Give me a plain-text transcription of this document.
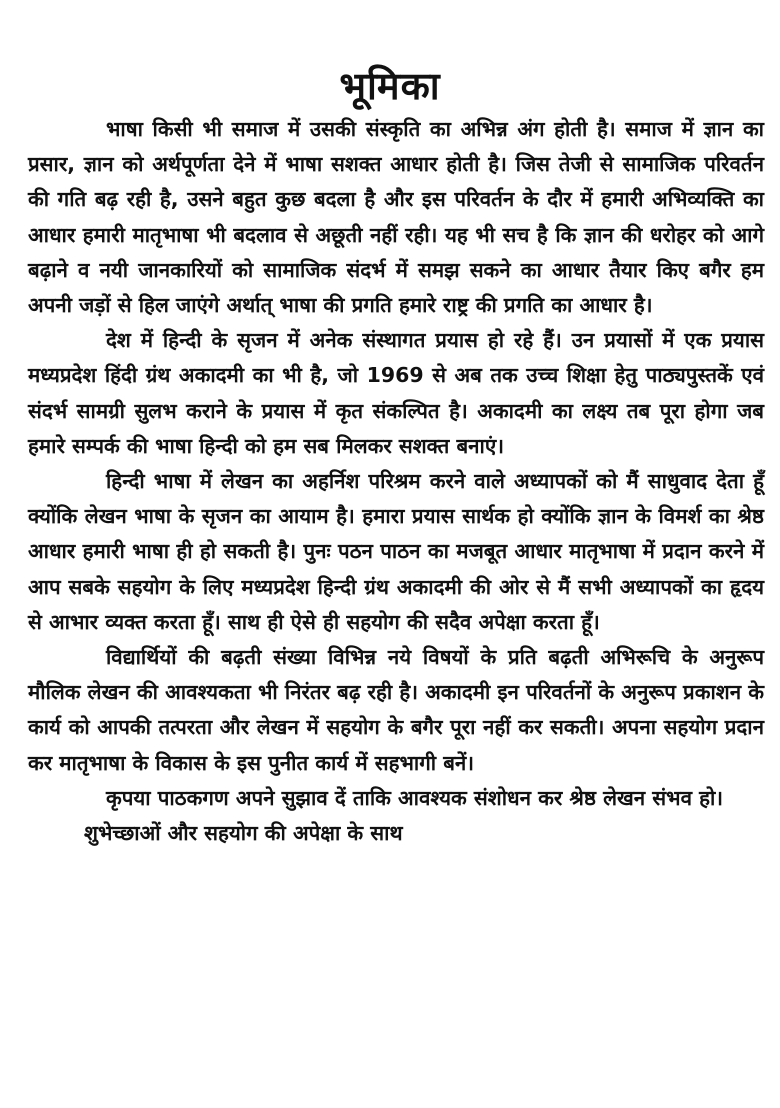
भूमिका

भाषा किसी भी समाज में उसकी संस्कृति का अभिन्न अंग होती है। समाज में ज्ञान का प्रसार, ज्ञान को अर्थपूर्णता देने में भाषा सशक्त आधार होती है। जिस तेजी से सामाजिक परिवर्तन की गति बढ़ रही है, उसने बहुत कुछ बदला है और इस परिवर्तन के दौर में हमारी अभिव्यक्ति का आधार हमारी मातृभाषा भी बदलाव से अछूती नहीं रही। यह भी सच है कि ज्ञान की धरोहर को आगे बढ़ाने व नयी जानकारियों को सामाजिक संदर्भ में समझ सकने का आधार तैयार किए बगैर हम अपनी जड़ों से हिल जाएंगे अर्थात् भाषा की प्रगति हमारे राष्ट्र की प्रगति का आधार है।

देश में हिन्दी के सृजन में अनेक संस्थागत प्रयास हो रहे हैं। उन प्रयासों में एक प्रयास मध्यप्रदेश हिंदी ग्रंथ अकादमी का भी है, जो 1969 से अब तक उच्च शिक्षा हेतु पाठ्यपुस्तकें एवं संदर्भ सामग्री सुलभ कराने के प्रयास में कृत संकल्पित है। अकादमी का लक्ष्य तब पूरा होगा जब हमारे सम्पर्क की भाषा हिन्दी को हम सब मिलकर सशक्त बनाएं।

हिन्दी भाषा में लेखन का अहर्निश परिश्रम करने वाले अध्यापकों को मैं साधुवाद देता हूँ क्योंकि लेखन भाषा के सृजन का आयाम है। हमारा प्रयास सार्थक हो क्योंकि ज्ञान के विमर्श का श्रेष्ठ आधार हमारी भाषा ही हो सकती है। पुनः पठन पाठन का मजबूत आधार मातृभाषा में प्रदान करने में आप सबके सहयोग के लिए मध्यप्रदेश हिन्दी ग्रंथ अकादमी की ओर से मैं सभी अध्यापकों का हृदय से आभार व्यक्त करता हूँ। साथ ही ऐसे ही सहयोग की सदैव अपेक्षा करता हूँ।

विद्यार्थियों की बढ़ती संख्या विभिन्न नये विषयों के प्रति बढ़ती अभिरूचि के अनुरूप मौलिक लेखन की आवश्यकता भी निरंतर बढ़ रही है। अकादमी इन परिवर्तनों के अनुरूप प्रकाशन के कार्य को आपकी तत्परता और लेखन में सहयोग के बगैर पूरा नहीं कर सकती। अपना सहयोग प्रदान कर मातृभाषा के विकास के इस पुनीत कार्य में सहभागी बनें।

कृपया पाठकगण अपने सुझाव दें ताकि आवश्यक संशोधन कर श्रेष्ठ लेखन संभव हो।

शुभेच्छाओं और सहयोग की अपेक्षा के साथ
